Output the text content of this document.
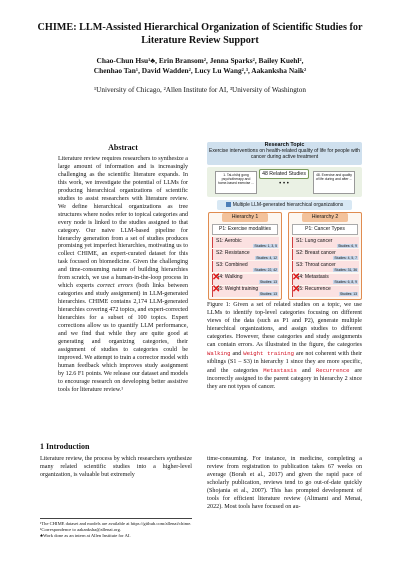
CHIME: LLM-Assisted Hierarchical Organization of Scientific Studies for Literature Review Support
Chao-Chun Hsu¹♣, Erin Bransom², Jenna Sparks², Bailey Kuehl²,
Chenhao Tan¹, David Wadden², Lucy Lu Wang²,³, Aakanksha Naik²
¹University of Chicago, ²Allen Institute for AI, ³University of Washington
Abstract
Literature review requires researchers to synthesize a large amount of information and is increasingly challenging as the scientific literature expands. In this work, we investigate the potential of LLMs for producing hierarchical organizations of scientific studies to assist researchers with literature review. We define hierarchical organizations as tree structures where nodes refer to topical categories and every node is linked to the studies assigned to that category. Our naive LLM-based pipeline for hierarchy generation from a set of studies produces promising yet imperfect hierarchies, motivating us to collect CHIME, an expert-curated dataset for this task focused on biomedicine. Given the challenging and time-consuming nature of building hierarchies from scratch, we use a human-in-the-loop process in which experts correct errors (both links between categories and study assignment) in LLM-generated hierarchies. CHIME contains 2,174 LLM-generated hierarchies covering 472 topics, and expert-corrected hierarchies for a subset of 100 topics. Expert corrections allow us to quantify LLM performance, and we find that while they are quite good at generating and organizing categories, their assignment of studies to categories could be improved. We attempt to train a corrector model with human feedback which improves study assignment by 12.6 F1 points. We release our dataset and models to encourage research on developing better assistive tools for literature review.¹
1 Introduction
Literature review, the process by which researchers synthesize many related scientific studies into a higher-level organization, is valuable but extremely
¹The CHIME dataset and models are available at https://github.com/allenai/chime.
¹Correspondence to aakanksha@allenai.org.
♣Work done as an intern at Allen Institute for AI.
Research Topic
Exercise interventions on health-related quality of life for people with cancer during active treatment
1. Tai-chi/qi gong psychotherapy and home-based exercise ...
48 Related Studies
• • •
48. Exercise and quality of life during and after ...
Multiple LLM-generated hierarchical organizations
Hierarchy 1
P1: Exercise modalities
S1: Aerobic
Studies: 1, 3, 5
S2: Resistance
Studies: 4, 12
S3: Combined
Studies: 22, 42
S4: Walking
Studies: 13
✕
S5: Weight training
Studies: 13
✕
Hierarchy 2
P1: Cancer Types
S1: Lung cancer
Studies: 6, 9
S2: Breast cancer
Studies: 4, 5, 7
S3: Throat cancer
Studies: 31, 36
S4: Metastasis
Studies: 6, 8, 9
✕
S5: Recurrence
Studies: 13
✕
Figure 1: Given a set of related studies on a topic, we use LLMs to identify top-level categories focusing on different views of the data (such as P1 and P2), generate multiple hierarchical organizations, and assign studies to different categories. However, these categories and study assignments can contain errors. As illustrated in the figure, the categories Walking and Weight training are not coherent with their siblings (S1 – S3) in hierarchy 1 since they are more specific, and the categories Metastasis and Recurrence are incorrectly assigned to the parent category in hierarchy 2 since they are not types of cancer.
time-consuming. For instance, in medicine, completing a review from registration to publication takes 67 weeks on average (Borah et al., 2017) and given the rapid pace of scholarly publication, reviews tend to go out-of-date quickly (Shojania et al., 2007). This has prompted development of tools for efficient literature review (Altmami and Menai, 2022). Most tools have focused on au-
